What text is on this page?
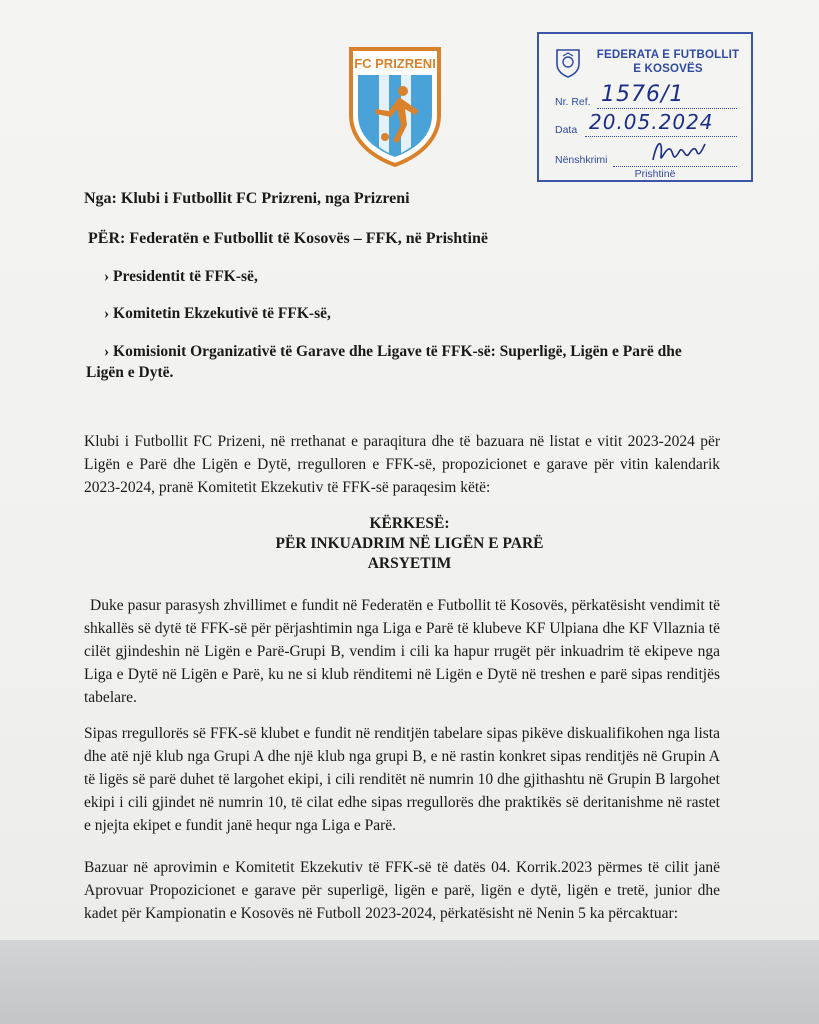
FC PRIZRENI
FEDERATA E FUTBOLLIT
E KOSOVËS
Nr. Ref. 1576/1
Data 20.05.2024
Nënshkrimi
Prishtinë
Nga: Klubi i Futbollit FC Prizreni, nga Prizreni
PËR: Federatën e Futbollit të Kosovës – FFK, në Prishtinë
› Presidentit të FFK-së,
› Komitetin Ekzekutivë të FFK-së,
› Komisionit Organizativë të Garave dhe Ligave të FFK-së: Superligë, Ligën e Parë dhe
Ligën e Dytë.
Klubi i Futbollit FC Prizeni, në rrethanat e paraqitura dhe të bazuara në listat e vitit 2023-2024 për Ligën e Parë dhe Ligën e Dytë, rregulloren e FFK-së, propozicionet e garave për vitin kalendarik 2023-2024, pranë Komitetit Ekzekutiv të FFK-së paraqesim këtë:
KËRKESË:
PËR INKUADRIM NË LIGËN E PARË
ARSYETIM
Duke pasur parasysh zhvillimet e fundit në Federatën e Futbollit të Kosovës, përkatësisht vendimit të shkallës së dytë të FFK-së për përjashtimin nga Liga e Parë të klubeve KF Ulpiana dhe KF Vllaznia të cilët gjindeshin në Ligën e Parë-Grupi B, vendim i cili ka hapur rrugët për inkuadrim të ekipeve nga Liga e Dytë në Ligën e Parë, ku ne si klub rënditemi në Ligën e Dytë në treshen e parë sipas renditjës tabelare.
Sipas rregullorës së FFK-së klubet e fundit në renditjën tabelare sipas pikëve diskualifikohen nga lista dhe atë një klub nga Grupi A dhe një klub nga grupi B, e në rastin konkret sipas renditjës në Grupin A të ligës së parë duhet të largohet ekipi, i cili renditët në numrin 10 dhe gjithashtu në Grupin B largohet ekipi i cili gjindet në numrin 10, të cilat edhe sipas rregullorës dhe praktikës së deritanishme në rastet e njejta ekipet e fundit janë hequr nga Liga e Parë.
Bazuar në aprovimin e Komitetit Ekzekutiv të FFK-së të datës 04. Korrik.2023 përmes të cilit janë Aprovuar Propozicionet e garave për superligë, ligën e parë, ligën e dytë, ligën e tretë, junior dhe kadet për Kampionatin e Kosovës në Futboll 2023-2024, përkatësisht në Nenin 5 ka përcaktuar:
